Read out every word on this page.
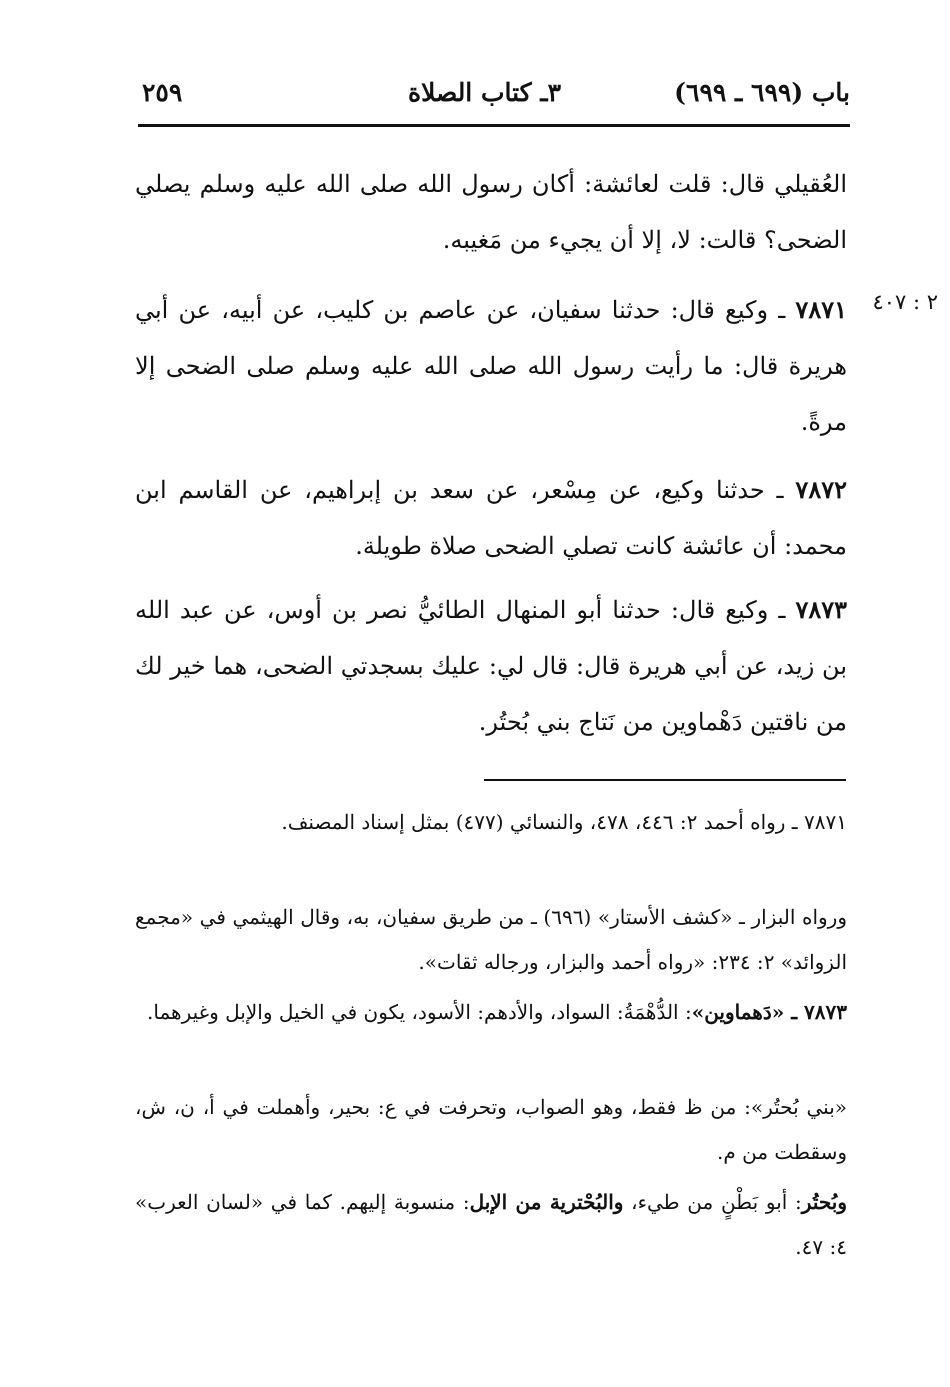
باب (٦٩٩ ـ ٦٩٩)
٣ـ كتاب الصلاة
٢٥٩
٢ : ٤٠٧
العُقيلي قال: قلت لعائشة: أكان رسول الله صلى الله عليه وسلم يصلي الضحى؟ قالت: لا، إلا أن يجيء من مَغيبه.
٧٨٧١ ـ وكيع قال: حدثنا سفيان، عن عاصم بن كليب، عن أبيه، عن أبي هريرة قال: ما رأيت رسول الله صلى الله عليه وسلم صلى الضحى إلا مرةً.
٧٨٧٢ ـ حدثنا وكيع، عن مِسْعر، عن سعد بن إبراهيم، عن القاسم ابن محمد: أن عائشة كانت تصلي الضحى صلاة طويلة.
٧٨٧٣ ـ وكيع قال: حدثنا أبو المنهال الطائيُّ نصر بن أوس، عن عبد الله بن زيد، عن أبي هريرة قال: قال لي: عليك بسجدتي الضحى، هما خير لك من ناقتين دَهْماوين من نَتاج بني بُحتُر.
٧٨٧١ ـ رواه أحمد ٢: ٤٤٦، ٤٧٨، والنسائي (٤٧٧) بمثل إسناد المصنف.
ورواه البزار ـ «كشف الأستار» (٦٩٦) ـ من طريق سفيان، به، وقال الهيثمي في «مجمع الزوائد» ٢: ٢٣٤: «رواه أحمد والبزار، ورجاله ثقات».
٧٨٧٣ ـ «دَهماوين»: الدُّهْمَةُ: السواد، والأدهم: الأسود، يكون في الخيل والإبل وغيرهما.
«بني بُحتُر»: من ظ فقط، وهو الصواب، وتحرفت في ع: بحير، وأهملت في أ، ن، ش، وسقطت من م.
وبُحتُر: أبو بَطْنٍ من طيء، والبُحْترية من الإبل: منسوبة إليهم. كما في «لسان العرب» ٤: ٤٧.
